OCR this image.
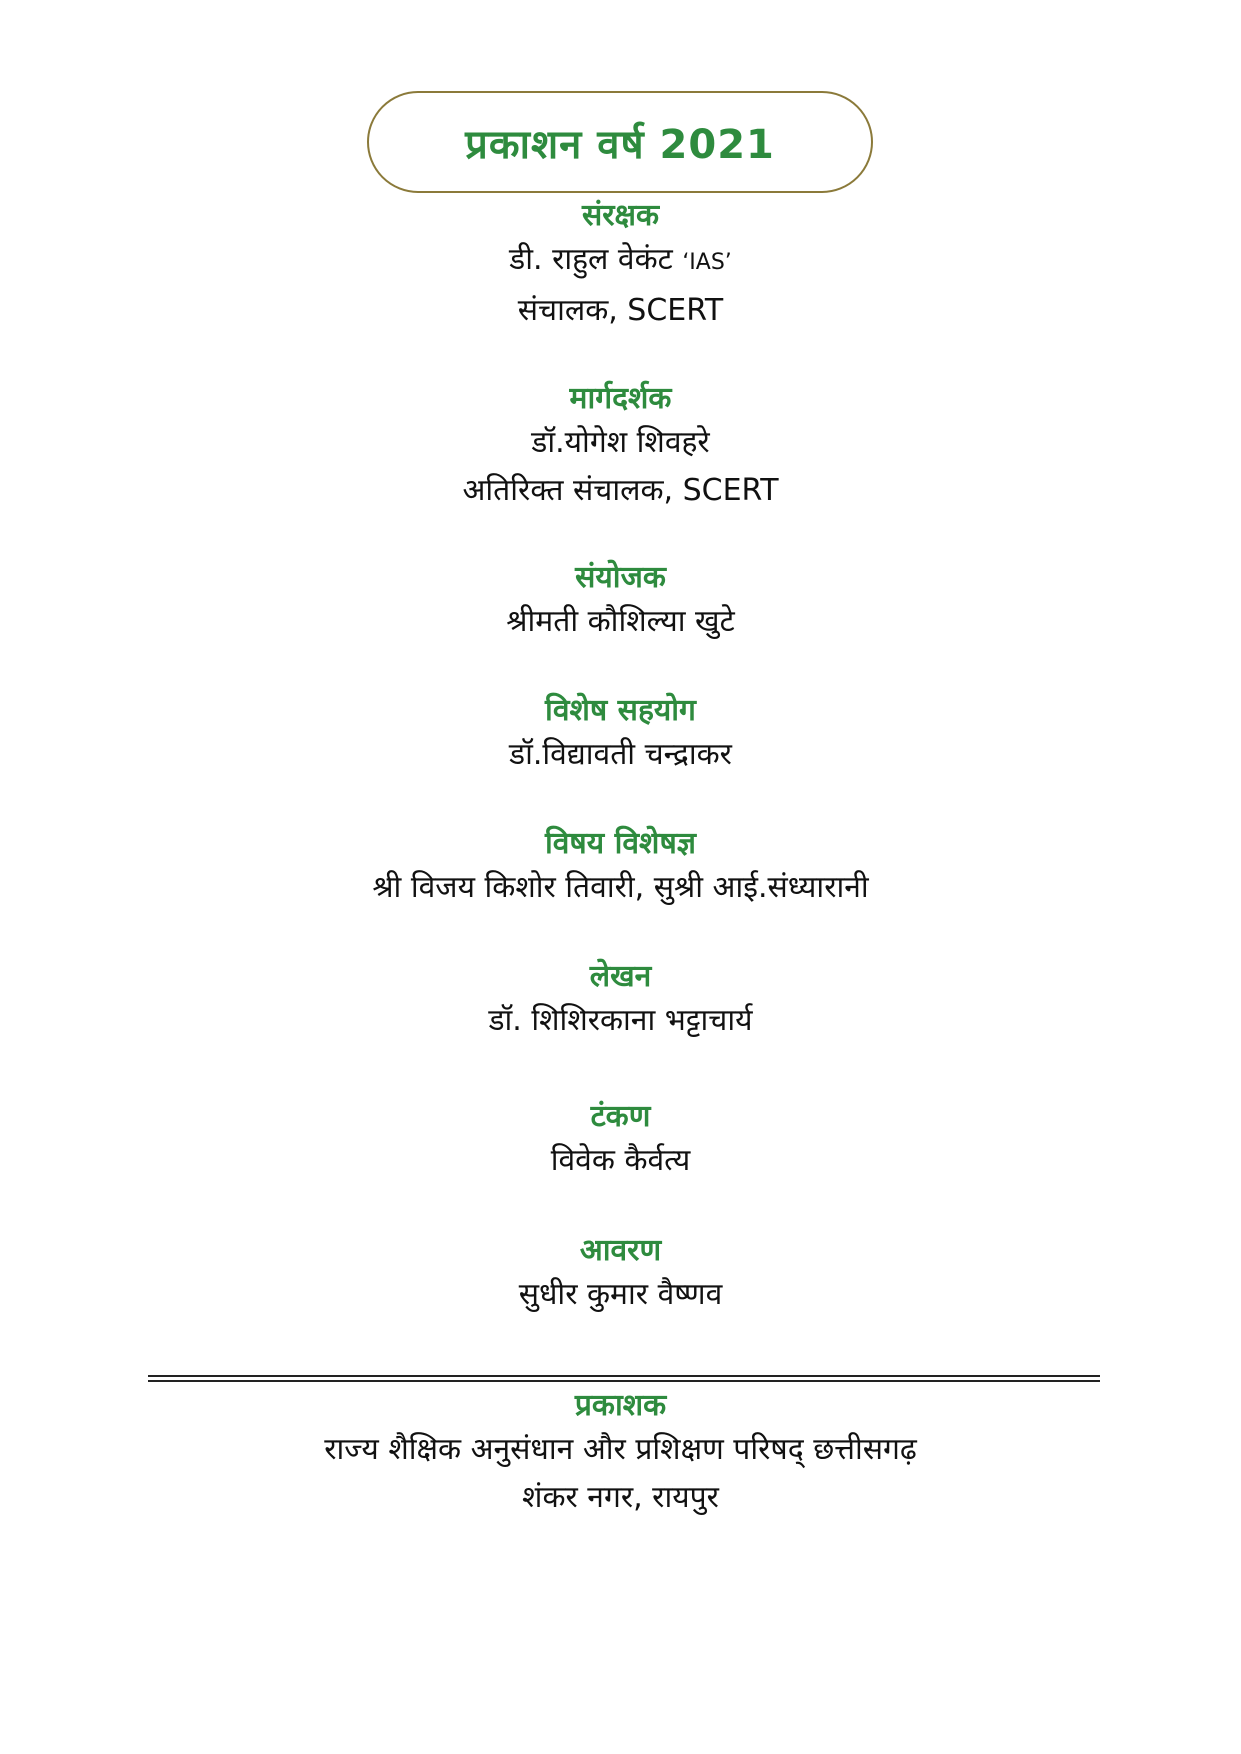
प्रकाशन वर्ष 2021
संरक्षक
डी. राहुल वेकंट ‘IAS’
संचालक, SCERT
मार्गदर्शक
डॉ.योगेश शिवहरे
अतिरिक्त संचालक, SCERT
संयोजक
श्रीमती कौशिल्या खुटे
विशेष सहयोग
डॉ.विद्यावती चन्द्राकर
विषय विशेषज्ञ
श्री विजय किशोर तिवारी, सुश्री आई.संध्यारानी
लेखन
डॉ. शिशिरकाना भट्टाचार्य
टंकण
विवेक कैर्वत्य
आवरण
सुधीर कुमार वैष्णव
प्रकाशक
राज्य शैक्षिक अनुसंधान और प्रशिक्षण परिषद् छत्तीसगढ़
शंकर नगर, रायपुर
